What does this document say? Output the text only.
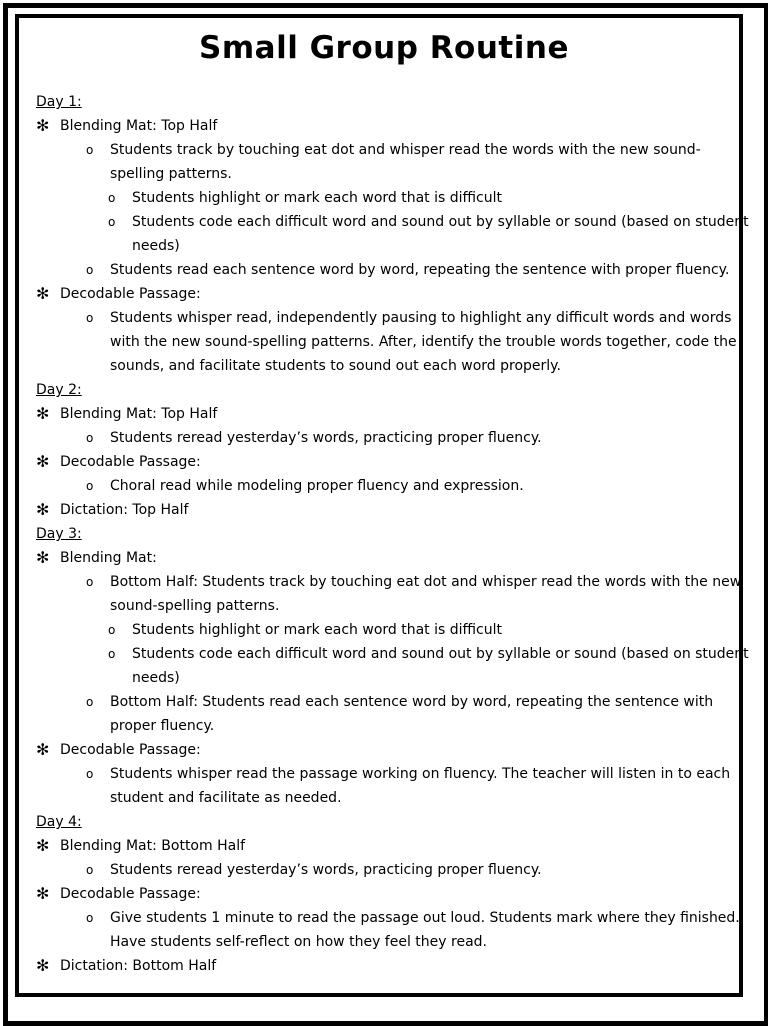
Small Group Routine
Day 1:
✻ Blending Mat: Top Half
o Students track by touching eat dot and whisper read the words with the new sound-
spelling patterns.
o Students highlight or mark each word that is difficult
o Students code each difficult word and sound out by syllable or sound (based on student
needs)
o Students read each sentence word by word, repeating the sentence with proper fluency.
✻ Decodable Passage:
o Students whisper read, independently pausing to highlight any difficult words and words
with the new sound-spelling patterns. After, identify the trouble words together, code the
sounds, and facilitate students to sound out each word properly.
Day 2:
✻ Blending Mat: Top Half
o Students reread yesterday’s words, practicing proper fluency.
✻ Decodable Passage:
o Choral read while modeling proper fluency and expression.
✻ Dictation: Top Half
Day 3:
✻ Blending Mat:
o Bottom Half: Students track by touching eat dot and whisper read the words with the new
sound-spelling patterns.
o Students highlight or mark each word that is difficult
o Students code each difficult word and sound out by syllable or sound (based on student
needs)
o Bottom Half: Students read each sentence word by word, repeating the sentence with
proper fluency.
✻ Decodable Passage:
o Students whisper read the passage working on fluency. The teacher will listen in to each
student and facilitate as needed.
Day 4:
✻ Blending Mat: Bottom Half
o Students reread yesterday’s words, practicing proper fluency.
✻ Decodable Passage:
o Give students 1 minute to read the passage out loud. Students mark where they finished.
Have students self-reflect on how they feel they read.
✻ Dictation: Bottom Half
